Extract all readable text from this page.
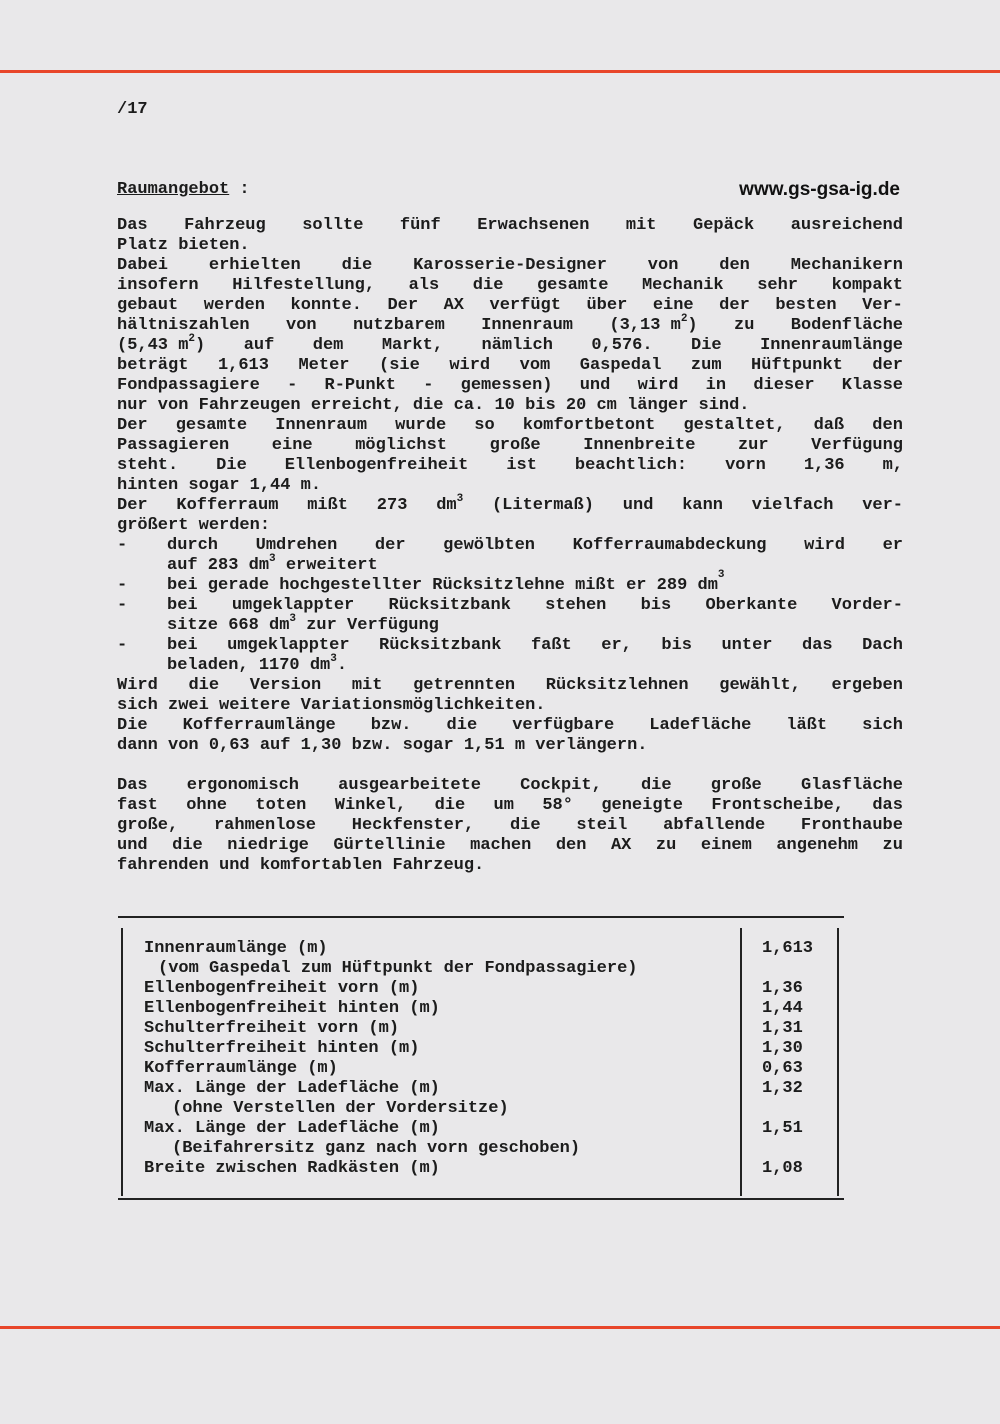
/17
Raumangebot :	www.gs-gsa-ig.de
Das Fahrzeug sollte fünf Erwachsenen mit Gepäck ausreichend
Platz bieten.
Dabei erhielten die Karosserie-Designer von den Mechanikern
insofern Hilfestellung, als die gesamte Mechanik sehr kompakt
gebaut werden konnte. Der AX verfügt über eine der besten Ver-
hältniszahlen von nutzbarem Innenraum (3,13 $m^2$) zu Bodenfläche
(5,43 $m^2$) auf dem Markt, nämlich 0,576. Die Innenraumlänge
beträgt 1,613 Meter (sie wird vom Gaspedal zum Hüftpunkt der
Fondpassagiere - R-Punkt - gemessen) und wird in dieser Klasse
nur von Fahrzeugen erreicht, die ca. 10 bis 20 cm länger sind.
Der gesamte Innenraum wurde so komfortbetont gestaltet, daß den
Passagieren	eine	möglichst	große	Innenbreite	zur	Verfügung
steht. Die Ellenbogenfreiheit ist beachtlich: vorn 1,36 m,
hinten sogar 1,44 m.
Der Kofferraum mißt 273 $dm^3$ (Litermaß) und kann vielfach ver-
größert werden:
-	durch Umdrehen der gewölbten Kofferraumabdeckung wird er
auf 283 $dm^3$ erweitert
-	bei gerade hochgestellter Rücksitzlehne mißt er 289 dm
$^3$
-	bei umgeklappter Rücksitzbank stehen bis Oberkante Vorder-
sitze 668 $dm^3$ zur Verfügung
-	bei umgeklappter Rücksitzbank faßt er, bis unter das Dach
beladen, 1170 $dm^3$.
Wird die Version mit getrennten Rücksitzlehnen gewählt, ergeben
sich zwei weitere Variationsmöglichkeiten.
Die Kofferraumlänge bzw. die verfügbare Ladefläche läßt sich
dann von 0,63 auf 1,30 bzw. sogar 1,51 m verlängern.
Das ergonomisch ausgearbeitete Cockpit, die große Glasfläche
fast ohne toten Winkel, die um 58° geneigte Frontscheibe, das
große, rahmenlose Heckfenster, die steil abfallende Fronthaube
und die niedrige Gürtellinie machen den AX zu einem angenehm zu
fahrenden und komfortablen Fahrzeug.
Innenraumlänge (m)	1,613
(vom Gaspedal zum Hüftpunkt der Fondpassagiere)
Ellenbogenfreiheit vorn (m)	1,36
Ellenbogenfreiheit hinten (m)	1,44
Schulterfreiheit vorn (m)	1,31
Schulterfreiheit hinten (m)	1,30
Kofferraumlänge (m)	0,63
Max. Länge der Ladefläche (m)	1,32
(ohne Verstellen der Vordersitze)
Max. Länge der Ladefläche (m)	1,51
(Beifahrersitz ganz nach vorn geschoben)
Breite zwischen Radkästen (m)	1,08
